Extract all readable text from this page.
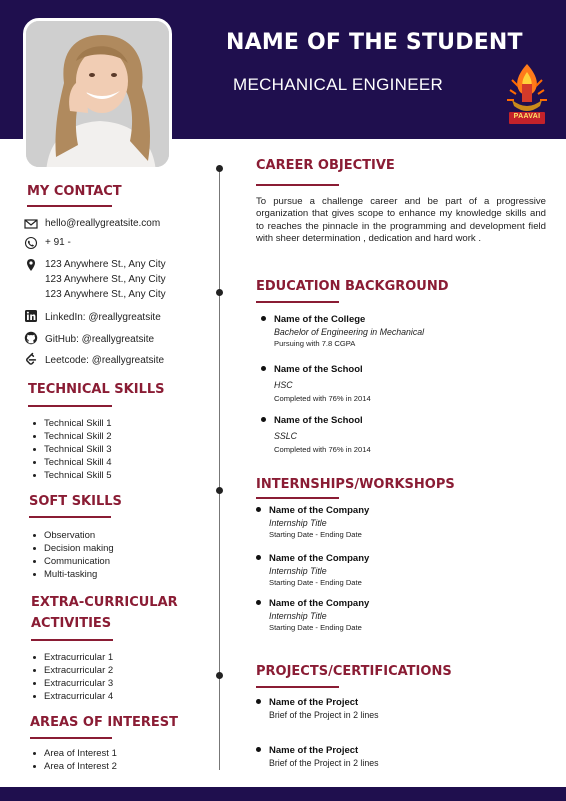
NAME OF THE STUDENT
MECHANICAL ENGINEER
PAAVAI
MY CONTACT
hello@reallygreatsite.com
+ 91 -
123 Anywhere St., Any City
123 Anywhere St., Any City
123 Anywhere St., Any City
LinkedIn: @reallygreatsite
GitHub: @reallygreatsite
Leetcode: @reallygreatsite
TECHNICAL SKILLS
Technical Skill 1
Technical Skill 2
Technical Skill 3
Technical Skill 4
Technical Skill 5
SOFT SKILLS
Observation
Decision making
Communication
Multi-tasking
EXTRA-CURRICULAR
ACTIVITIES
Extracurricular 1
Extracurricular 2
Extracurricular 3
Extracurricular 4
AREAS OF INTEREST
Area of Interest 1
Area of Interest 2
CAREER OBJECTIVE
To pursue a challenge career and be part of a progressive organization that gives scope to enhance my knowledge skills and to reaches the pinnacle in the programming and development field with sheer determination , dedication and hard work .
EDUCATION BACKGROUND
Name of the College
Bachelor of Engineering in Mechanical
Pursuing with 7.8 CGPA
Name of the School
HSC
Completed with 76% in 2014
Name of the School
SSLC
Completed with 76% in 2014
INTERNSHIPS/WORKSHOPS
Name of the Company
Internship Title
Starting Date - Ending Date
Name of the Company
Internship Title
Starting Date - Ending Date
Name of the Company
Internship Title
Starting Date - Ending Date
PROJECTS/CERTIFICATIONS
Name of the Project
Brief of the Project in 2 lines
Name of the Project
Brief of the Project in 2 lines
